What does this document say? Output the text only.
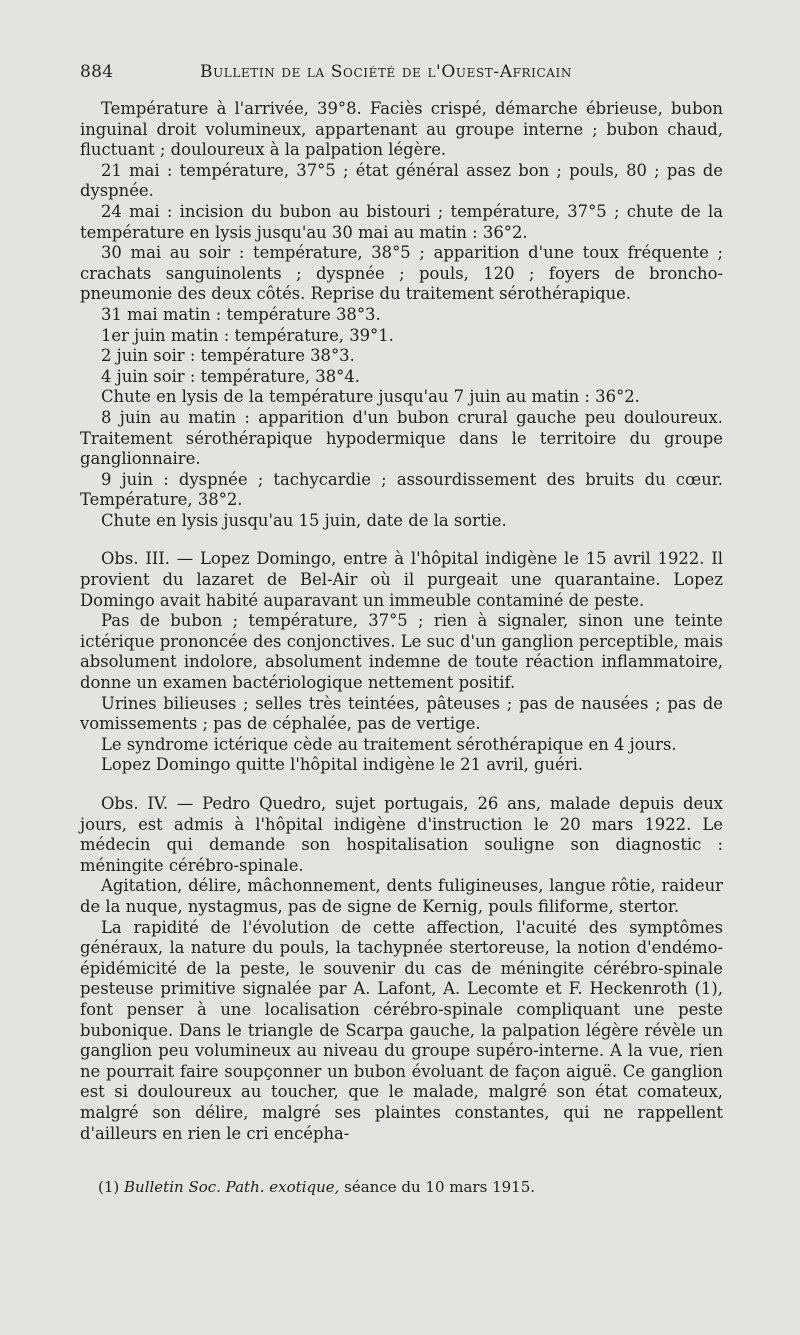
884	Bulletin de la Société de l'Ouest-Africain

Température à l'arrivée, 39°8. Faciès crispé, démarche ébrieuse, bubon inguinal droit volumineux, appartenant au groupe interne ; bubon chaud, fluctuant ; douloureux à la palpation légère.

21 mai : température, 37°5 ; état général assez bon ; pouls, 80 ; pas de dyspnée.

24 mai : incision du bubon au bistouri ; température, 37°5 ; chute de la température en lysis jusqu'au 30 mai au matin : 36°2.

30 mai au soir : température, 38°5 ; apparition d'une toux fréquente ; crachats sanguinolents ; dyspnée ; pouls, 120 ; foyers de broncho-pneumonie des deux côtés. Reprise du traitement sérothérapique.

31 mai matin : température 38°3.

1er juin matin : température, 39°1.

2 juin soir : température 38°3.

4 juin soir : température, 38°4.

Chute en lysis de la température jusqu'au 7 juin au matin : 36°2.

8 juin au matin : apparition d'un bubon crural gauche peu douloureux. Traitement sérothérapique hypodermique dans le territoire du groupe ganglionnaire.

9 juin : dyspnée ; tachycardie ; assourdissement des bruits du cœur. Température, 38°2.

Chute en lysis jusqu'au 15 juin, date de la sortie.

Obs. III. — Lopez Domingo, entre à l'hôpital indigène le 15 avril 1922. Il provient du lazaret de Bel-Air où il purgeait une quarantaine. Lopez Domingo avait habité auparavant un immeuble contaminé de peste.

Pas de bubon ; température, 37°5 ; rien à signaler, sinon une teinte ictérique prononcée des conjonctives. Le suc d'un ganglion perceptible, mais absolument indolore, absolument indemne de toute réaction inflammatoire, donne un examen bactériologique nettement positif.

Urines bilieuses ; selles très teintées, pâteuses ; pas de nausées ; pas de vomissements ; pas de céphalée, pas de vertige.

Le syndrome ictérique cède au traitement sérothérapique en 4 jours.

Lopez Domingo quitte l'hôpital indigène le 21 avril, guéri.

Obs. IV. — Pedro Quedro, sujet portugais, 26 ans, malade depuis deux jours, est admis à l'hôpital indigène d'instruction le 20 mars 1922. Le médecin qui demande son hospitalisation souligne son diagnostic : méningite cérébro-spinale.

Agitation, délire, mâchonnement, dents fuligineuses, langue rôtie, raideur de la nuque, nystagmus, pas de signe de Kernig, pouls filiforme, stertor.

La rapidité de l'évolution de cette affection, l'acuité des symptômes généraux, la nature du pouls, la tachypnée stertoreuse, la notion d'endémo-épidémicité de la peste, le souvenir du cas de méningite cérébro-spinale pesteuse primitive signalée par A. Lafont, A. Lecomte et F. Heckenroth (1), font penser à une localisation cérébro-spinale compliquant une peste bubonique. Dans le triangle de Scarpa gauche, la palpation légère révèle un ganglion peu volumineux au niveau du groupe supéro-interne. A la vue, rien ne pourrait faire soupçonner un bubon évoluant de façon aiguë. Ce ganglion est si douloureux au toucher, que le malade, malgré son état comateux, malgré son délire, malgré ses plaintes constantes, qui ne rappellent d'ailleurs en rien le cri encépha-

(1) Bulletin Soc. Path. exotique, séance du 10 mars 1915.
